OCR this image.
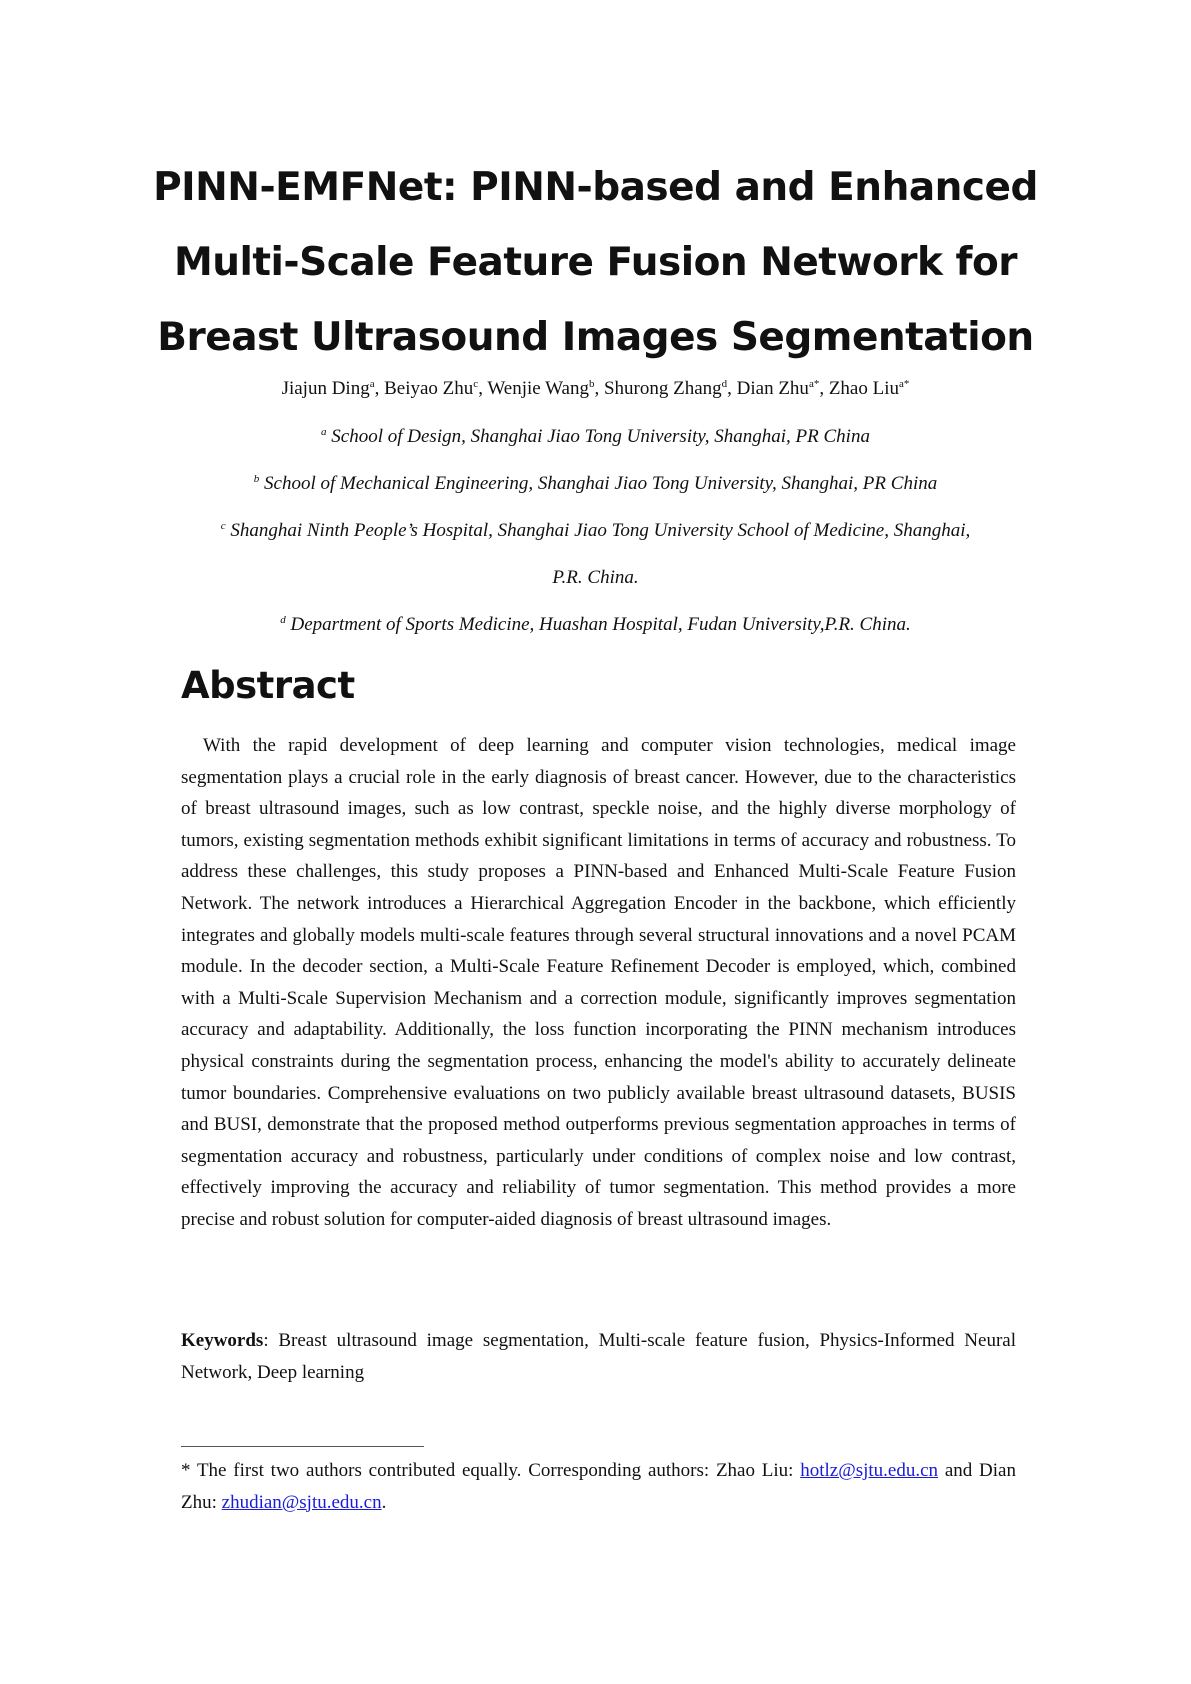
PINN-EMFNet: PINN-based and Enhanced
Multi-Scale Feature Fusion Network for
Breast Ultrasound Images Segmentation
Jiajun Ding$^a$, Beiyao Zhu$^c$, Wenjie Wang$^b$, Shurong Zhang$^d$, Dian Zhu$^{a*}$, Zhao Liu$^{a*}$
$^a$ School of Design, Shanghai Jiao Tong University, Shanghai, PR China
$^b$ School of Mechanical Engineering, Shanghai Jiao Tong University, Shanghai, PR China
$^c$ Shanghai Ninth People’s Hospital, Shanghai Jiao Tong University School of Medicine, Shanghai,
P.R. China.
$^d$ Department of Sports Medicine, Huashan Hospital, Fudan University,P.R. China.
Abstract
With the rapid development of deep learning and computer vision technologies, medical image segmentation plays a crucial role in the early diagnosis of breast cancer. However, due to the characteristics of breast ultrasound images, such as low contrast, speckle noise, and the highly diverse morphology of tumors, existing segmentation methods exhibit significant limitations in terms of accuracy and robustness. To address these challenges, this study proposes a PINN-based and Enhanced Multi-Scale Feature Fusion Network. The network introduces a Hierarchical Aggregation Encoder in the backbone, which efficiently integrates and globally models multi-scale features through several structural innovations and a novel PCAM module. In the decoder section, a Multi-Scale Feature Refinement Decoder is employed, which, combined with a Multi-Scale Supervision Mechanism and a correction module, significantly improves segmentation accuracy and adaptability. Additionally, the loss function incorporating the PINN mechanism introduces physical constraints during the segmentation process, enhancing the model's ability to accurately delineate tumor boundaries. Comprehensive evaluations on two publicly available breast ultrasound datasets, BUSIS and BUSI, demonstrate that the proposed method outperforms previous segmentation approaches in terms of segmentation accuracy and robustness, particularly under conditions of complex noise and low contrast, effectively improving the accuracy and reliability of tumor segmentation. This method provides a more precise and robust solution for computer-aided diagnosis of breast ultrasound images.
Keywords: Breast ultrasound image segmentation, Multi-scale feature fusion, Physics-Informed Neural Network, Deep learning
* The first two authors contributed equally. Corresponding authors: Zhao Liu: hotlz@sjtu.edu.cn and Dian Zhu: zhudian@sjtu.edu.cn.
